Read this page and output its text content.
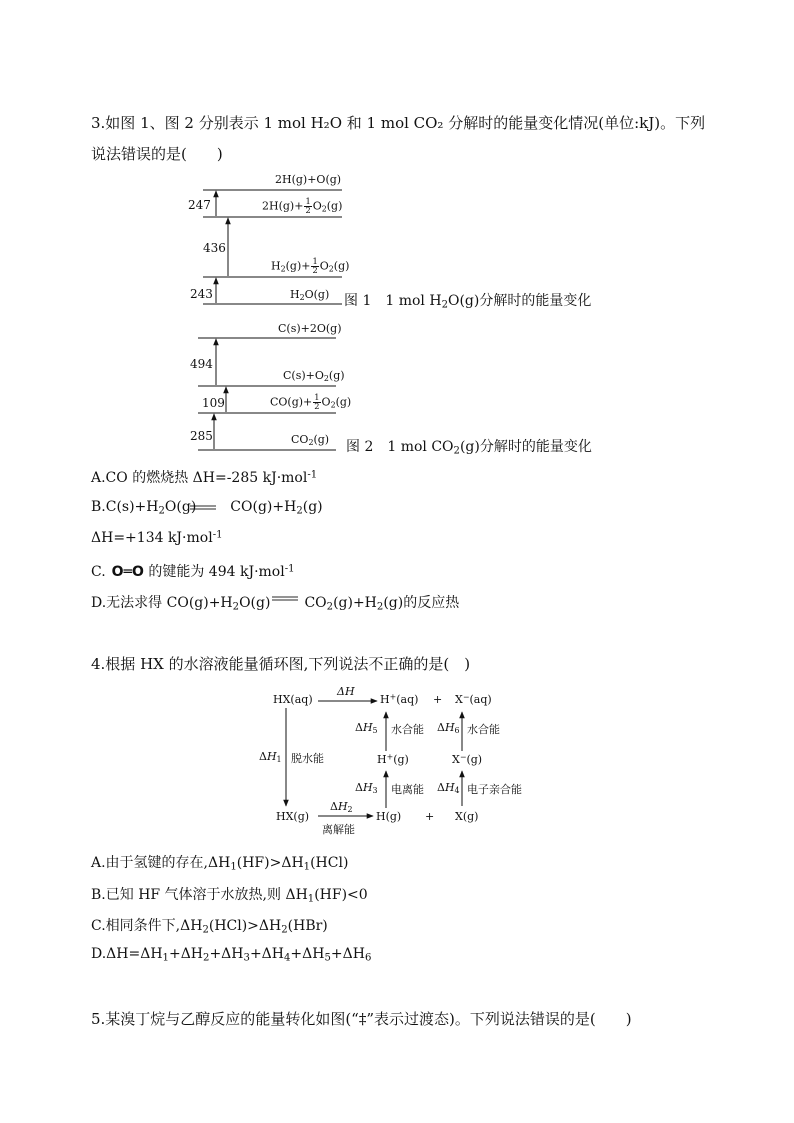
3.如图 1、图 2 分别表示 1 mol H₂O 和 1 mol CO₂ 分解时的能量变化情况(单位:kJ)。下列
说法错误的是(　　)
2H(g)+O(g)
$2H(g)+ \frac{1}{2} O_2(g)$
$H_2(g)+ \frac{1}{2} O_2(g)$
$H_2O(g)$
247
436
243	图 1　1 mol $H_2O(g)$分解时的能量变化
C(s)+2O(g)
$C(s)+O_2(g)$
$CO(g)+ \frac{1}{2} O_2(g)$
$CO_2(g)$
494
109
285
图 2　1 mol $CO_2(g)$分解时的能量变化
A.CO 的燃烧热 ΔH=-285 kJ·mol$^{-1}$
$B.C(s)+H_2O(g)$ $CO(g)+H_2(g)$
ΔH=+134 kJ·mol$^{-1}$
C. O═O 的键能为 494 kJ·mol$^{-1}$
D.无法求得 $CO(g)+H_2O(g)$ $CO_2(g)+H_2(g)$的反应热
4.根据 HX 的水溶液能量循环图,下列说法不正确的是(　)
HX(aq)
ΔH
H+(aq) + X−(aq)
$\Delta H_5$ 水合能 $\Delta H_6$ 水合能
$\Delta H_1$ 脱水能	H+(g)	X−(g)
$\Delta H_3$ 电离能 $\Delta H_4$ 电子亲合能
$\Delta H_2$
HX(g)
离解能
H(g) + X(g)
A.由于氢键的存在$,\Delta H_1(HF)>\Delta H_1(HCl)$
B.已知 HF 气体溶于水放热,则 $\Delta H_1(HF)<0$
C.相同条件下$,\Delta H_2(HCl)>\Delta H_2(HBr)$
$D.\Delta H=\Delta H_1+\Delta H_2+\Delta H_3+\Delta H_4+\Delta H_5+\Delta H_6$
5.某溴丁烷与乙醇反应的能量转化如图(“‡”表示过渡态)。下列说法错误的是(　　)
